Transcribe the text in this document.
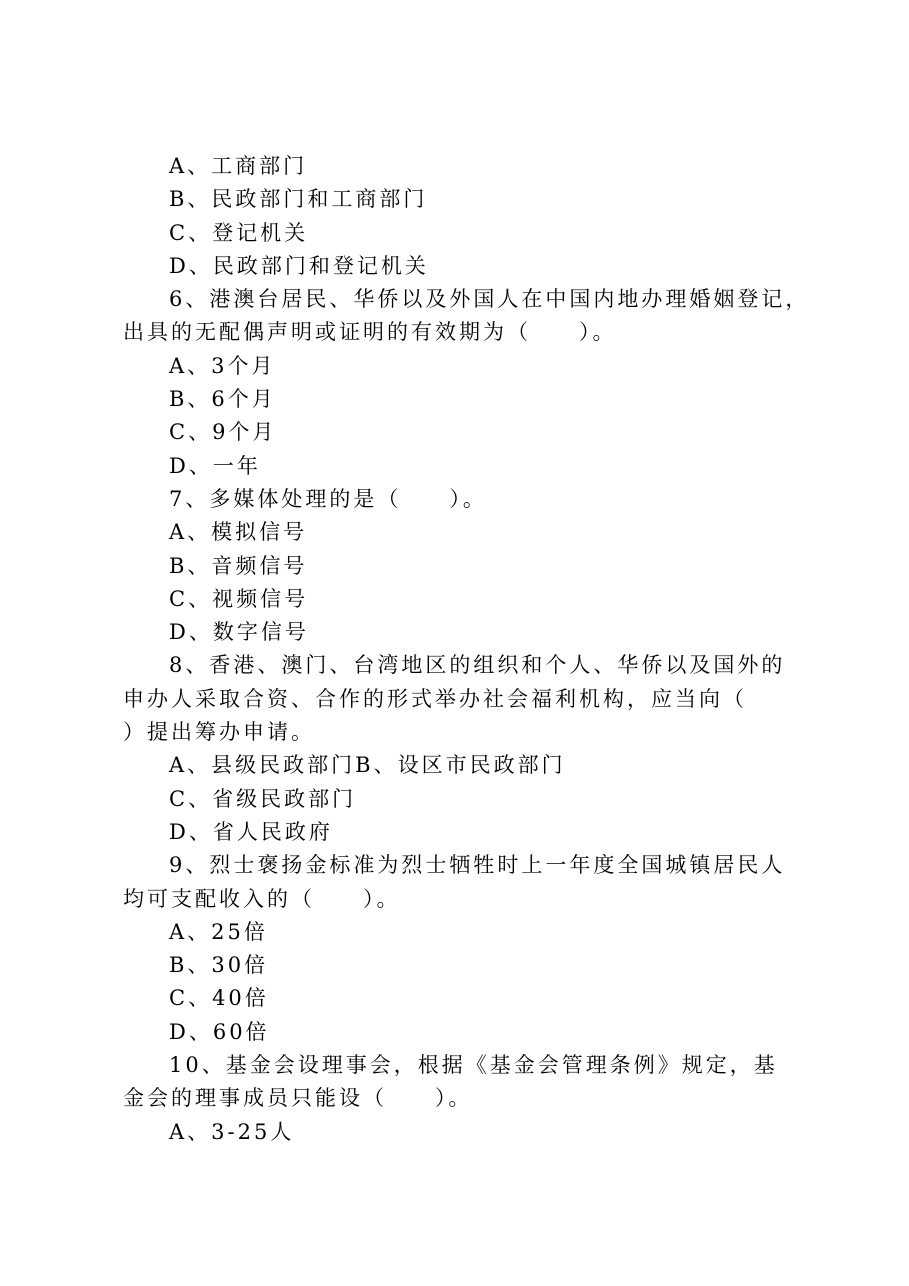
A、工商部门
B、民政部门和工商部门
C、登记机关
D、民政部门和登记机关
6、港澳台居民、华侨以及外国人在中国内地办理婚姻登记，
出具的无配偶声明或证明的有效期为（　　）。
A、3个月
B、6个月
C、9个月
D、一年
7、多媒体处理的是（　　）。
A、模拟信号
B、音频信号
C、视频信号
D、数字信号
8、香港、澳门、台湾地区的组织和个人、华侨以及国外的
申办人采取合资、合作的形式举办社会福利机构，应当向（
）提出筹办申请。
A、县级民政部门B、设区市民政部门
C、省级民政部门
D、省人民政府
9、烈士褒扬金标准为烈士牺牲时上一年度全国城镇居民人
均可支配收入的（　　）。
A、25倍
B、30倍
C、40倍
D、60倍
10、基金会设理事会，根据《基金会管理条例》规定，基
金会的理事成员只能设（　　）。
A、3-25人
